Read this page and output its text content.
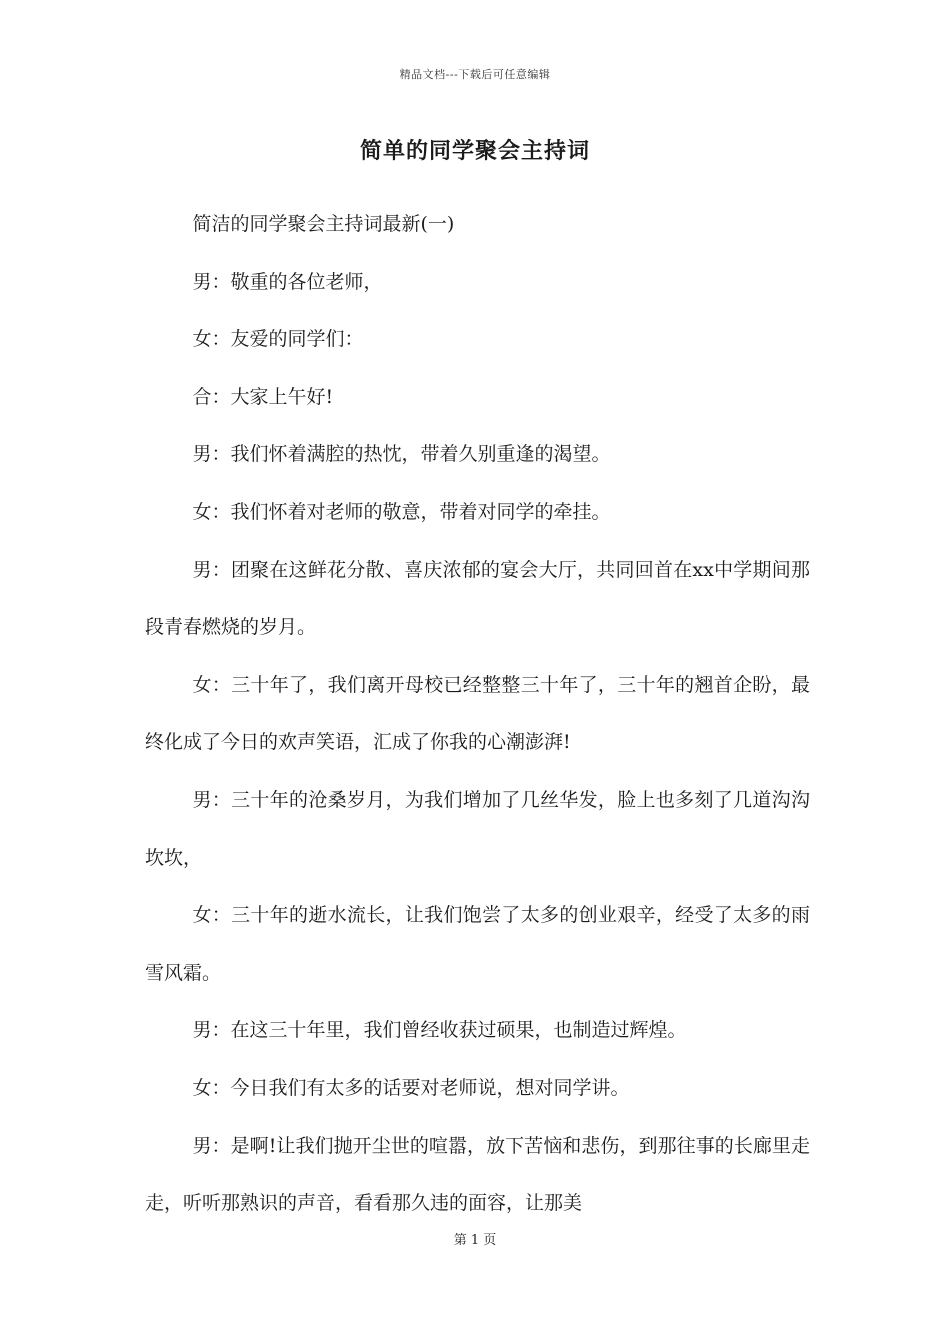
精品文档---下载后可任意编辑
简单的同学聚会主持词

简洁的同学聚会主持词最新(一)

男：敬重的各位老师，

女：友爱的同学们：

合：大家上午好!

男：我们怀着满腔的热忱，带着久别重逢的渴望。

女：我们怀着对老师的敬意，带着对同学的牵挂。

男：团聚在这鲜花分散、喜庆浓郁的宴会大厅，共同回首在xx中学期间那段青春燃烧的岁月。

女：三十年了，我们离开母校已经整整三十年了，三十年的翘首企盼，最终化成了今日的欢声笑语，汇成了你我的心潮澎湃!

男：三十年的沧桑岁月，为我们增加了几丝华发，脸上也多刻了几道沟沟坎坎，

女：三十年的逝水流长，让我们饱尝了太多的创业艰辛，经受了太多的雨雪风霜。

男：在这三十年里，我们曾经收获过硕果，也制造过辉煌。

女：今日我们有太多的话要对老师说，想对同学讲。

男：是啊!让我们抛开尘世的喧嚣，放下苦恼和悲伤，到那往事的长廊里走走，听听那熟识的声音，看看那久违的面容，让那美

第 1 页
